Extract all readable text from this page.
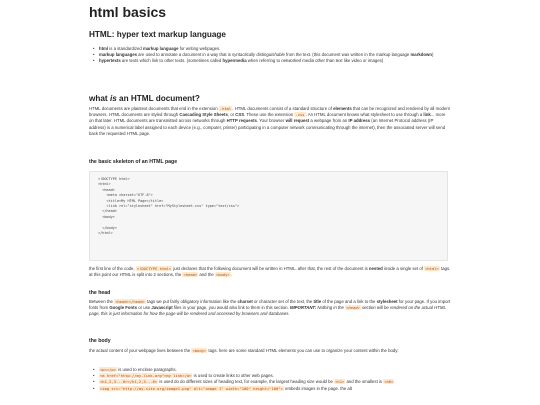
html basics
HTML: hyper text markup language
• html is a standardized markup language for writing webpages.
• markup languages are used to annotate a document in a way that is syntactically distinguishable from the text. (this document was written in the markup language markdown)
• hypertexts are texts which link to other texts. (sometimes called hypermedia when referring to networked media other than text like video or images)
what is an HTML document?

HTML documents are plaintext documents that end in the extension .html. HTML documents consist of a standard structure of elements that can be recognized and rendered by all modern browsers. HTML documents are styled through Cascading Style Sheets, or CSS. These use the extension .css. An HTML document knows what stylesheet to use through a link... more on that later. HTML documents are transmitted across networks through HTTP requests. Your browser will request a webpage from an IP address (an Internet Protocol address (IP address) is a numerical label assigned to each device (e.g., computer, printer) participating in a computer network communicating through the internet), then the associated server will send back the requested HTML page.

the basic skeleton of an HTML page
<!DOCTYPE html>
<html>
<head>
<meta charset="UTF-8">
<title>My HTML Page</title>
<link rel="stylesheet" href="MyStylesheet.css" type="text/css">
</head>
<body>

</body>
</html>

the first line of the code, <!DOCTYPE html> just declares that the following document will be written in HTML. after that, the rest of the document is nested inside a single set of <html> tags. at this point our HTML is split into 2 sections, the <head> and the <body>.

the head

Between the <head></head> tags we put fairly obligatory information like the charset or character set of the text, the title of the page and a link to the stylesheet for your page. If you import fonts from Google Fonts or use Javascript files in your page, you would also link to them in this section. IMPORTANT: Nothing in the <head> section will be rendered on the actual HTML page, this is just information for how the page will be rendered and accessed by browsers and databases.

the body

the actual content of your webpage lives between the <body> tags. here are some standard HTML elements you can use to organize your content within the body:

• <p></p> is used to enclose paragraphs.
• <a href="http://my-link.org">my link</a> is used to create links to other web pages.
• <h1,2,3...6></h1,2,3...6> is used do do different sizes of heading text, for example, the largest heading size would be <h1> and the smallest is <h6>
• <img src="http://my-site.org/image1.png" alt="image 1" width="100" height="100"> embeds images in the page. the alt
